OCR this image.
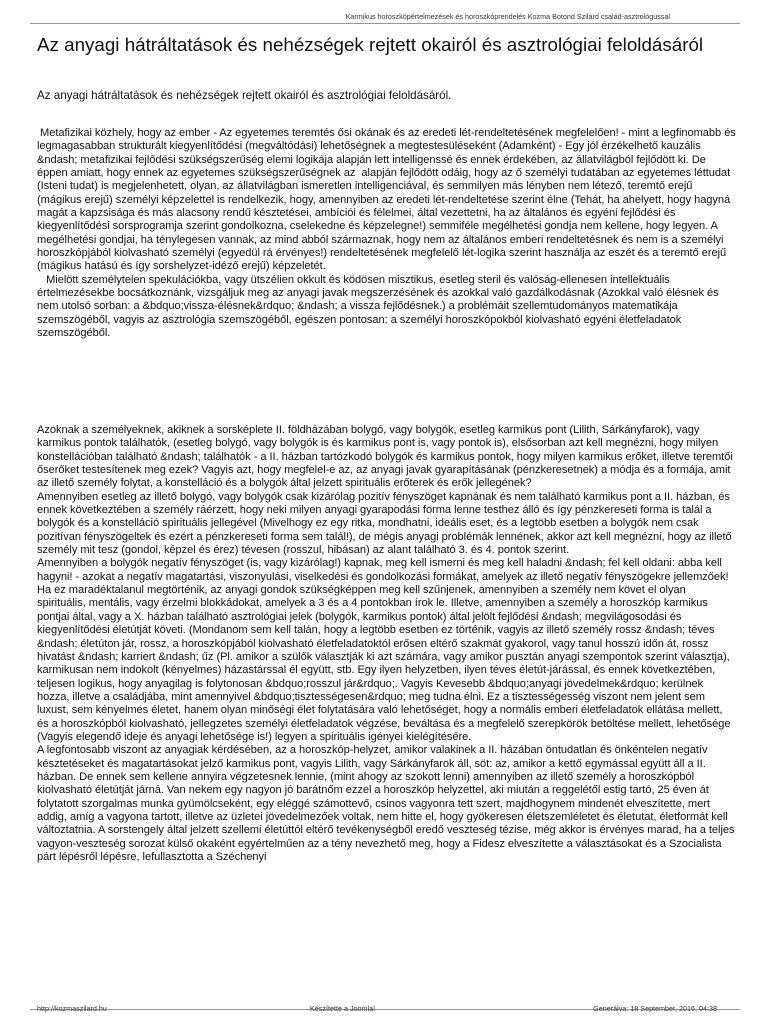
Karmikus horoszkópértelmezések és horoszkóprendelés Kozma Botond Szilárd család-asztrológussal
Az anyagi hátráltatások és nehézségek rejtett okairól és asztrológiai feloldásáról

Az anyagi hátráltatások és nehézségek rejtett okairól és asztrológiai feloldásáról.

Metafizikai közhely, hogy az ember - Az egyetemes teremtés ősi okának és az eredeti lét-rendeltetésének megfelelően! - mint a legfinomabb és legmagasabban strukturált kiegyenlítődési (megváltódási) lehetőségnek a megtestesüléseként (Adamként) - Egy jól érzékelhető kauzális &ndash; metafizikai fejlődési szükségszerűség elemi logikája alapján lett intelligenssé és ennek érdekében, az állatvilágból fejlődött ki. De éppen amiatt, hogy ennek az egyetemes szükségszerűségnek az  alapján fejlődött odáig, hogy az ő személyi tudatában az egyetemes léttudat (Isteni tudat) is megjelenhetett, olyan, az állatvilágban ismeretlen intelligenciával, és semmilyen más lényben nem létező, teremtő erejű (mágikus erejű) személyi képzelettel is rendelkezik, hogy, amennyiben az eredeti lét-rendeltetése szerint élne (Tehát, ha ahelyett, hogy hagyná magát a kapzsisága és más alacsony rendű késztetései, ambíciói és félelmei, által vezettetni, ha az általános és egyéni fejlődési és kiegyenlítődési sorsprogramja szerint gondolkozna, cselekedne és képzelegne!) semmiféle megélhetési gondja nem kellene, hogy legyen. A megélhetési gondjai, ha ténylegesen vannak, az mind abból származnak, hogy nem az általános emberi rendeltetésnek és nem is a személyi horoszkópjából kiolvasható személyi (egyedül rá érvényes!) rendeltetésének megfelelő lét-logika szerint használja az eszét és a teremtő erejű (mágikus hatású és így sorshelyzet-idéző erejű) képzeletét.

Mielött személytelen spekulációkba, vagy ütszélien okkult és ködösen misztikus, esetleg steril és valóság-ellenesen intellektuális értelmezésekbe bocsátkoznánk, vizsgáljuk meg az anyagi javak megszerzésének és azokkal való gazdálkodásnak (Azokkal való élésnek és nem utolsó sorban: a &bdquo;vissza-élésnek&rdquo; &ndash; a vissza fejlődésnek.) a problémáit szellemtudományos matematikája szemszögéből, vagyis az asztrológia szemszögéből, egészen pontosan: a személyi horoszkópokból kiolvasható egyéni életfeladatok szemszögéből.

Azoknak a személyeknek, akiknek a sorsképlete II. földházában bolygó, vagy bolygók, esetleg karmikus pont (Lilith, Sárkányfarok), vagy karmikus pontok találhatók, (esetleg bolygó, vagy bolygók is és karmikus pont is, vagy pontok is), elsősorban azt kell megnézni, hogy milyen konstellációban található &ndash; találhatók - a II. házban tartózkodó bolygók és karmikus pontok, hogy milyen karmikus erőket, illetve teremtői őserőket testesítenek meg ezek? Vagyis azt, hogy megfelel-e az, az anyagi javak gyarapításának (pénzkeresetnek) a módja és a formája, amit az illető személy folytat, a konstelláció és a bolygók által jelzett spirituális erőterek és erők jellegének?

Amennyiben esetleg az illető bolygó, vagy bolygók csak kizárólag pozitív fényszöget kapnának és nem található karmikus pont a II. házban, és ennek következtében a személy ráérzett, hogy neki milyen anyagi gyarapodási forma lenne testhez álló és így pénzkereseti forma is talál a bolygók és a konstelláció spirituális jellegével (Mivelhogy ez egy ritka, mondhatni, ideális eset, és a legtöbb esetben a bolygók nem csak pozitívan fényszögeltek és ezért a pénzkereseti forma sem talál!), de mégis anyagi problémák lennének, akkor azt kell megnézni, hogy az illető személy mit tesz (gondol, képzel és érez) tévesen (rosszul, hibásan) az alant található 3. és 4. pontok szerint.

Amennyiben a bolygók negatív fényszöget (is, vagy kizárólag!) kapnak, meg kell ismerni és meg kell haladni &ndash; fel kell oldani: abba kell hagyni! - azokat a negatív magatartási, viszonyulási, viselkedési és gondolkozási formákat, amelyek az illető negatív fényszögekre jellemzőek! Ha ez maradéktalanul megtörténik, az anyagi gondok szükségképpen meg kell szűnjenek, amennyiben a személy nem követ el olyan spirituális, mentális, vagy érzelmi blokkádokat, amelyek a 3 és a 4 pontokban írok le. Illetve, amennyiben a személy a horoszkóp karmikus pontjai által, vagy a X. házban található asztrológiai jelek (bolygók, karmikus pontok) által jelölt fejlődési &ndash; megvilágosodási és kiegyenlítődési életútját követi. (Mondanom sem kell talán, hogy a legtöbb esetben ez történik, vagyis az illető személy rossz &ndash; téves &ndash; életúton jár, rossz, a horoszkópjából kiolvasható életfeladatoktól erősen eltérő szakmát gyakorol, vagy tanul hosszú időn át, rossz hivatást &ndash; karriert &ndash; űz (Pl. amikor a szülők választják ki azt számára, vagy amikor pusztán anyagi szempontok szerint választja), karmikusan nem indokolt (kényelmes) házastárssal él együtt, stb. Egy ilyen helyzetben, ilyen téves életút-járással, és ennek következtében, teljesen logikus, hogy anyagilag is folytonosan &bdquo;rosszul jár&rdquo;. Vagyis Kevesebb &bdquo;anyagi jövedelmek&rdquo; kerülnek hozza, illetve a családjába, mint amennyivel &bdquo;tisztességesen&rdquo; meg tudna élni. Ez a tisztességesség viszont nem jelent sem luxust, sem kényelmes életet, hanem olyan minőségi élet folytatására való lehetőséget, hogy a normális emberi életfeladatok ellátása mellett, és a horoszkópból kiolvasható, jellegzetes személyi életfeladatok végzése, beváltása és a megfelelő szerepkörök betöltése mellett, lehetősége (Vagyis elegendő ideje és anyagi lehetősége is!) legyen a spirituális igényei kielégítésére.

A legfontosabb viszont az anyagiak kérdésében, az a horoszkóp-helyzet, amikor valakinek a II. házában öntudatlan és önkéntelen negatív késztetéseket és magatartásokat jelző karmikus pont, vagyis Lilith, vagy Sárkányfarok áll, söt: az, amikor a kettő egymással együtt áll a II. házban. De ennek sem kellene annyira végzetesnek lennie, (mint ahogy az szokott lenni) amennyiben az illető személy a horoszkópból kiolvasható életútját járná. Van nekem egy nagyon jó barátnőm ezzel a horoszkóp helyzettel, aki miután a reggelétől estig tartó, 25 éven át folytatott szorgalmas munka gyümölcseként, egy eléggé számottevő, csinos vagyonra tett szert, majdhogynem mindenét elveszítette, mert addig, amíg a vagyona tartott, illetve az üzletei jövedelmezőek voltak, nem hitte el, hogy gyökeresen életszemléletet és életutat, életformát kell változtatnia. A sorstengely által jelzett szellemi életúttól eltérő tevékenységből eredő veszteség tézise, még akkor is érvényes marad, ha a teljes vagyon-veszteség sorozat külső okaként egyértelműen az a tény nevezhető meg, hogy a Fidesz elveszítette a választásokat és a Szocialista párt lépésről lépésre, lefullasztotta a Széchenyi

http://kozmaszilard.hu	Készítette a Joomla!	Generálva: 18 September, 2016, 04:38
